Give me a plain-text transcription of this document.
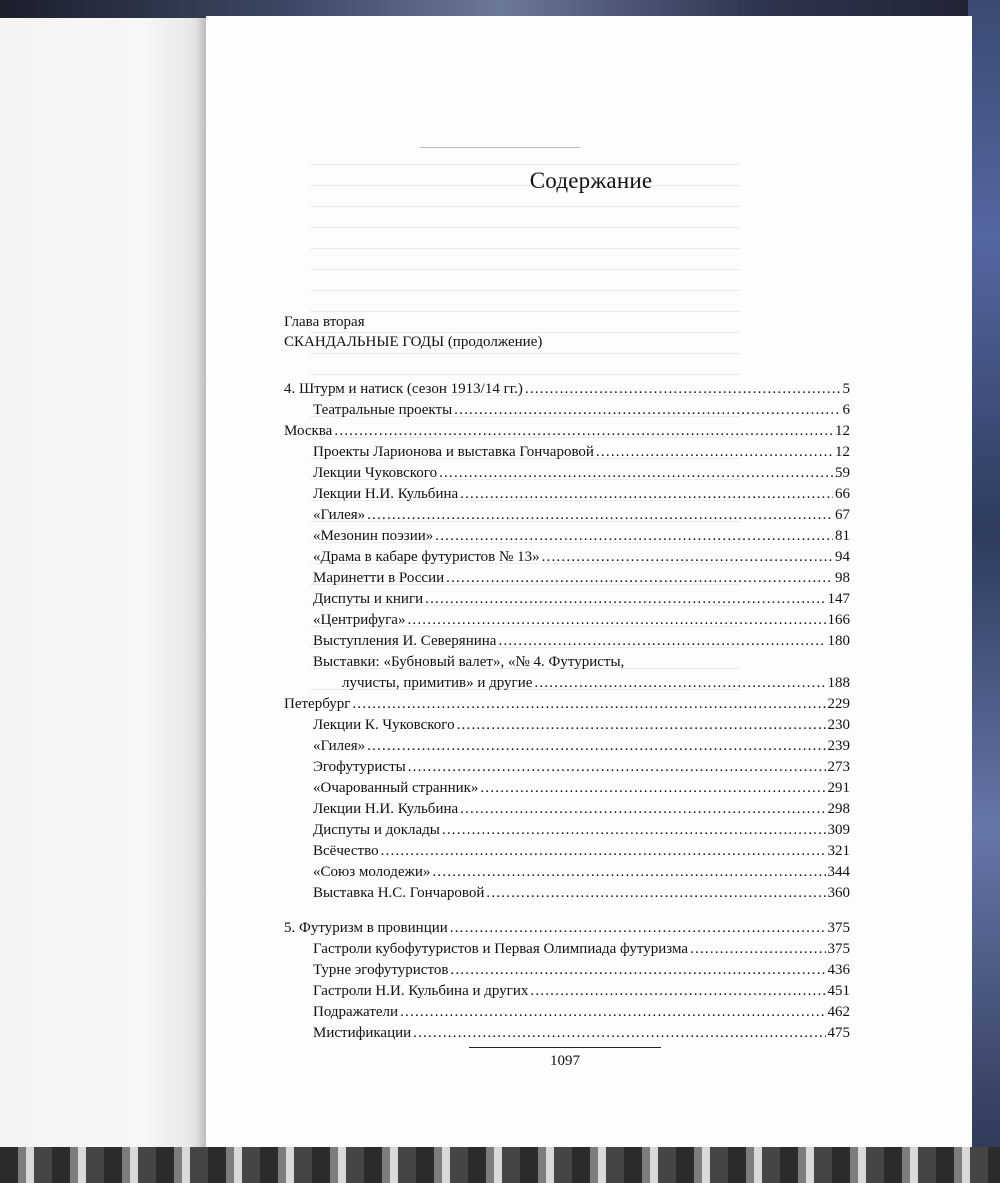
Содержание
Глава вторая
СКАНДАЛЬНЫЕ ГОДЫ (продолжение)
4. Штурм и натиск (сезон 1913/14 гг.) .....	5
Театральные проекты .....	6
Москва .....	12
Проекты Ларионова и выставка Гончаровой .....	12
Лекции Чуковского .....	59
Лекции Н.И. Кульбина .....	66
«Гилея» .....	67
«Мезонин поэзии» .....	81
«Драма в кабаре футуристов № 13» .....	94
Маринетти в России .....	98
Диспуты и книги .....	147
«Центрифуга» .....	166
Выступления И. Северянина .....	180
Выставки: «Бубновый валет», «№ 4. Футуристы,
лучисты, примитив» и другие .....	188
Петербург .....	229
Лекции К. Чуковского .....	230
«Гилея» .....	239
Эгофутуристы .....	273
«Очарованный странник» .....	291
Лекции Н.И. Кульбина .....	298
Диспуты и доклады .....	309
Всёчество .....	321
«Союз молодежи» .....	344
Выставка Н.С. Гончаровой .....	360
5. Футуризм в провинции .....	375
Гастроли кубофутуристов и Первая Олимпиада футуризма .....	375
Турне эгофутуристов .....	436
Гастроли Н.И. Кульбина и других .....	451
Подражатели .....	462
Мистификации .....	475
1097
